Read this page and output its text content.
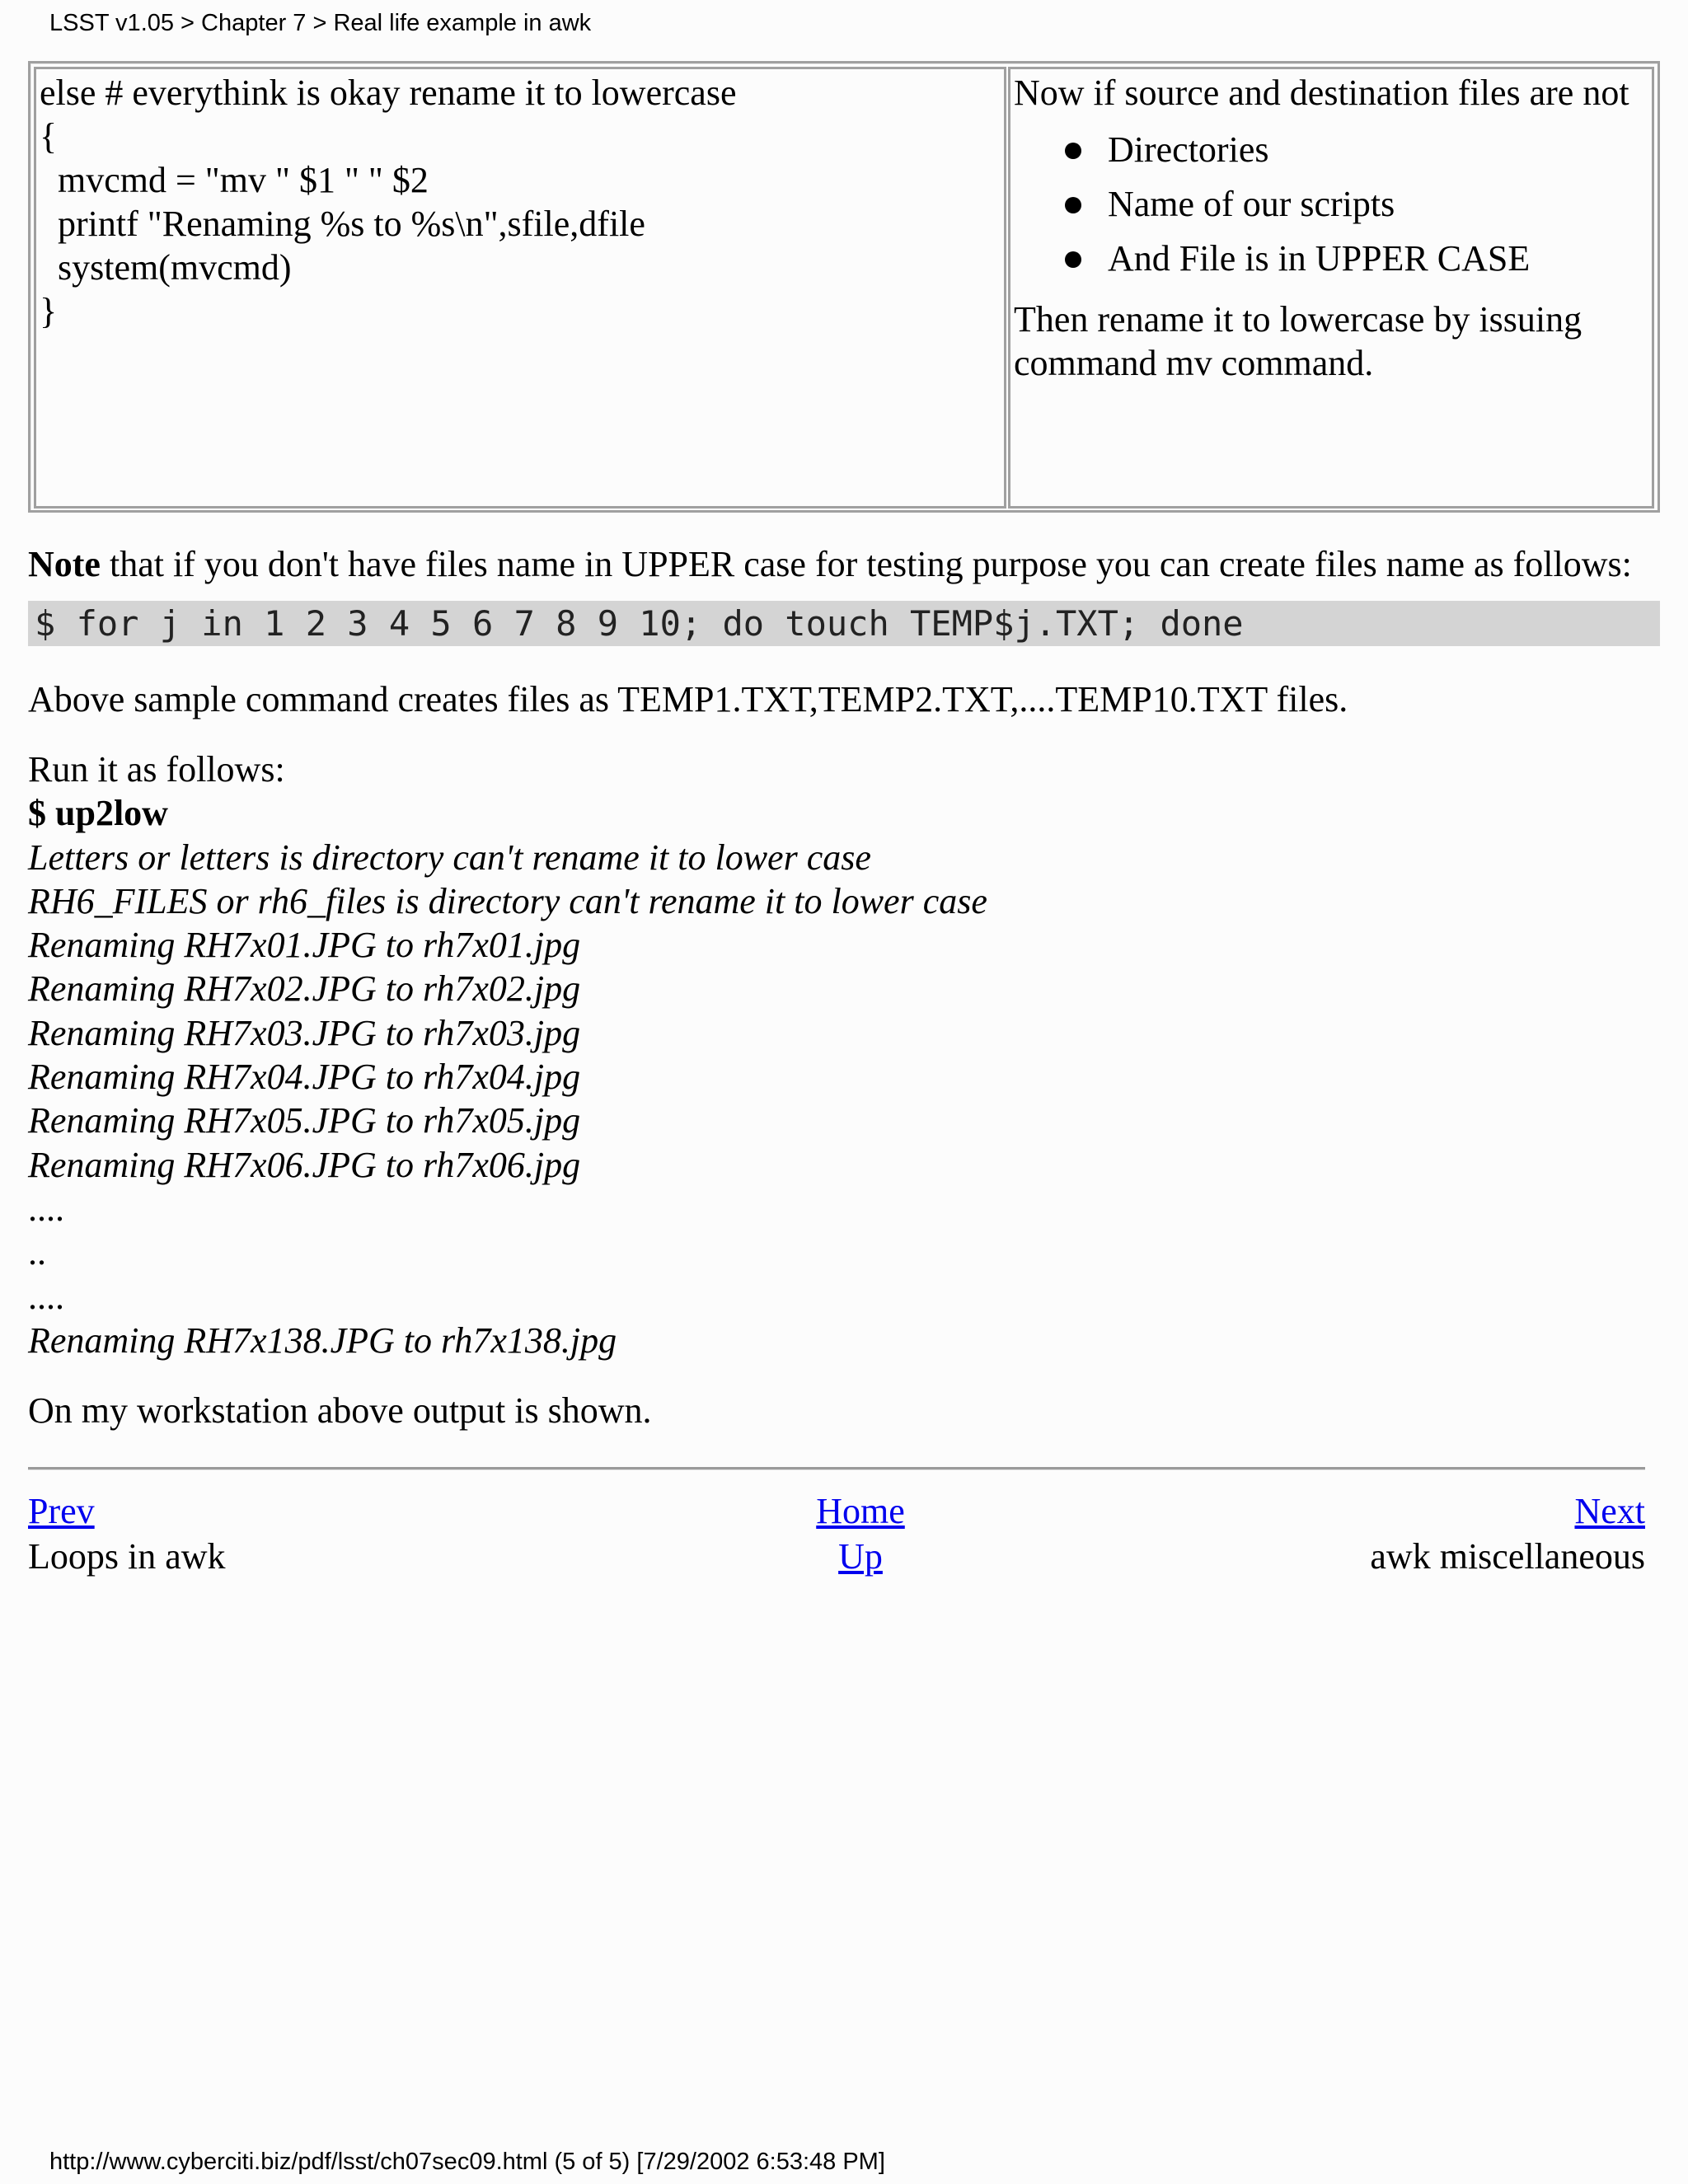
LSST v1.05 > Chapter 7 > Real life example in awk
else # everythink is okay rename it to lowercase
{
mvcmd = "mv " $1 " " $2
printf "Renaming %s to %s\n",sfile,dfile
system(mvcmd)
}
Now if source and destination files are not
Directories
Name of our scripts
And File is in UPPER CASE
Then rename it to lowercase by issuing command mv command.

Note that if you don't have files name in UPPER case for testing purpose you can create files name as follows:

$ for j in 1 2 3 4 5 6 7 8 9 10; do touch TEMP$j.TXT; done

Above sample command creates files as TEMP1.TXT,TEMP2.TXT,....TEMP10.TXT files.

Run it as follows:
$ up2low
Letters or letters is directory can't rename it to lower case
RH6_FILES or rh6_files is directory can't rename it to lower case
Renaming RH7x01.JPG to rh7x01.jpg
Renaming RH7x02.JPG to rh7x02.jpg
Renaming RH7x03.JPG to rh7x03.jpg
Renaming RH7x04.JPG to rh7x04.jpg
Renaming RH7x05.JPG to rh7x05.jpg
Renaming RH7x06.JPG to rh7x06.jpg
....
..
....
Renaming RH7x138.JPG to rh7x138.jpg

On my workstation above output is shown.

Prev
Loops in awk
Home
Up
Next
awk miscellaneous
http://www.cyberciti.biz/pdf/lsst/ch07sec09.html (5 of 5) [7/29/2002 6:53:48 PM]
